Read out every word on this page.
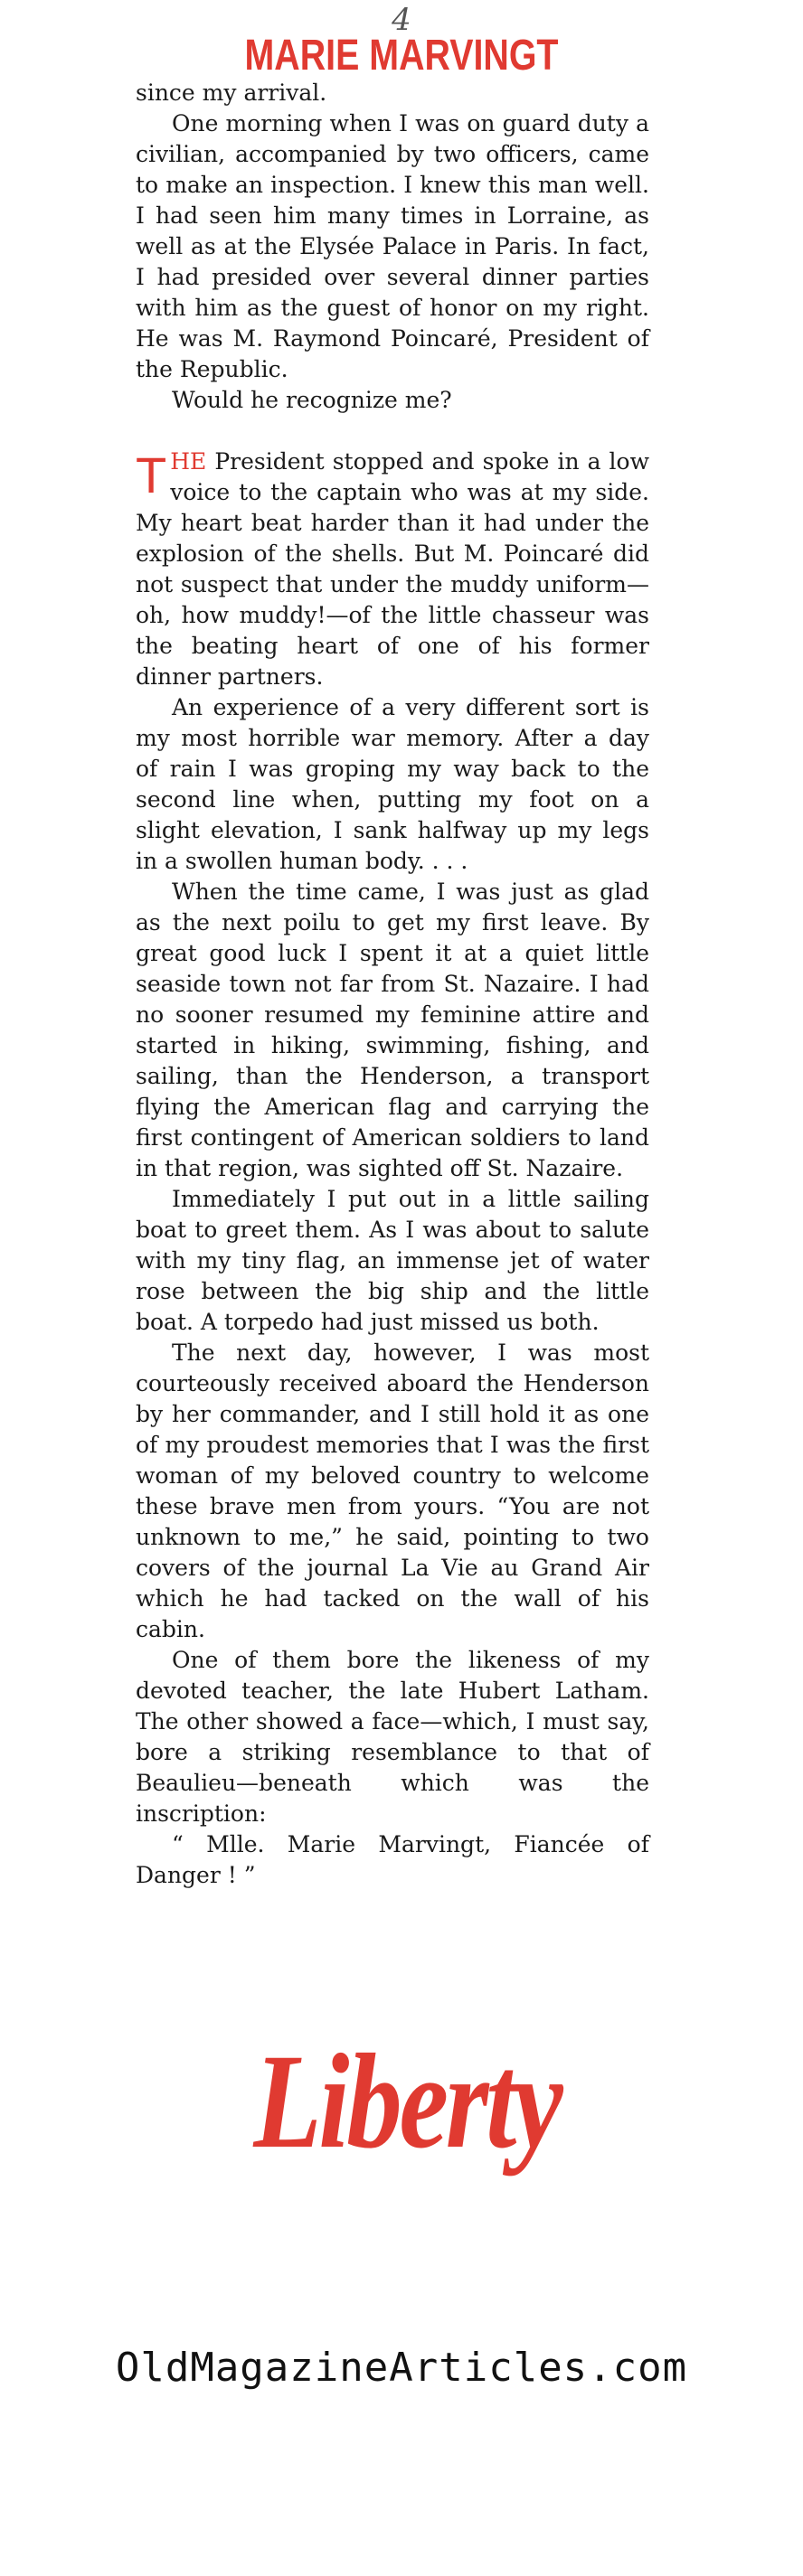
4
MARIE MARVINGT

since my arrival.

One morning when I was on guard duty a civilian, accompanied by two officers, came to make an inspection. I knew this man well. I had seen him many times in Lorraine, as well as at the Elysée Palace in Paris. In fact, I had presided over several dinner parties with him as the guest of honor on my right. He was M. Raymond Poincaré, President of the Republic.

Would he recognize me?

THE President stopped and spoke in a low voice to the captain who was at my side. My heart beat harder than it had under the explosion of the shells. But M. Poincaré did not suspect that under the muddy uniform—oh, how muddy!—of the little chasseur was the beating heart of one of his former dinner partners.

An experience of a very different sort is my most horrible war memory. After a day of rain I was groping my way back to the second line when, putting my foot on a slight elevation, I sank halfway up my legs in a swollen human body. . . .

When the time came, I was just as glad as the next poilu to get my first leave. By great good luck I spent it at a quiet little seaside town not far from St. Nazaire. I had no sooner resumed my feminine attire and started in hiking, swimming, fishing, and sailing, than the Henderson, a transport flying the American flag and carrying the first contingent of American soldiers to land in that region, was sighted off St. Nazaire.

Immediately I put out in a little sailing boat to greet them. As I was about to salute with my tiny flag, an immense jet of water rose between the big ship and the little boat. A torpedo had just missed us both.

The next day, however, I was most courteously received aboard the Henderson by her commander, and I still hold it as one of my proudest memories that I was the first woman of my beloved country to welcome these brave men from yours. “You are not unknown to me,” he said, pointing to two covers of the journal La Vie au Grand Air which he had tacked on the wall of his cabin.

One of them bore the likeness of my devoted teacher, the late Hubert Latham. The other showed a face—which, I must say, bore a striking resemblance to that of Beaulieu—beneath which was the inscription:

“ Mlle. Marie Marvingt, Fiancée of Danger ! ”

Liberty
OldMagazineArticles.com
